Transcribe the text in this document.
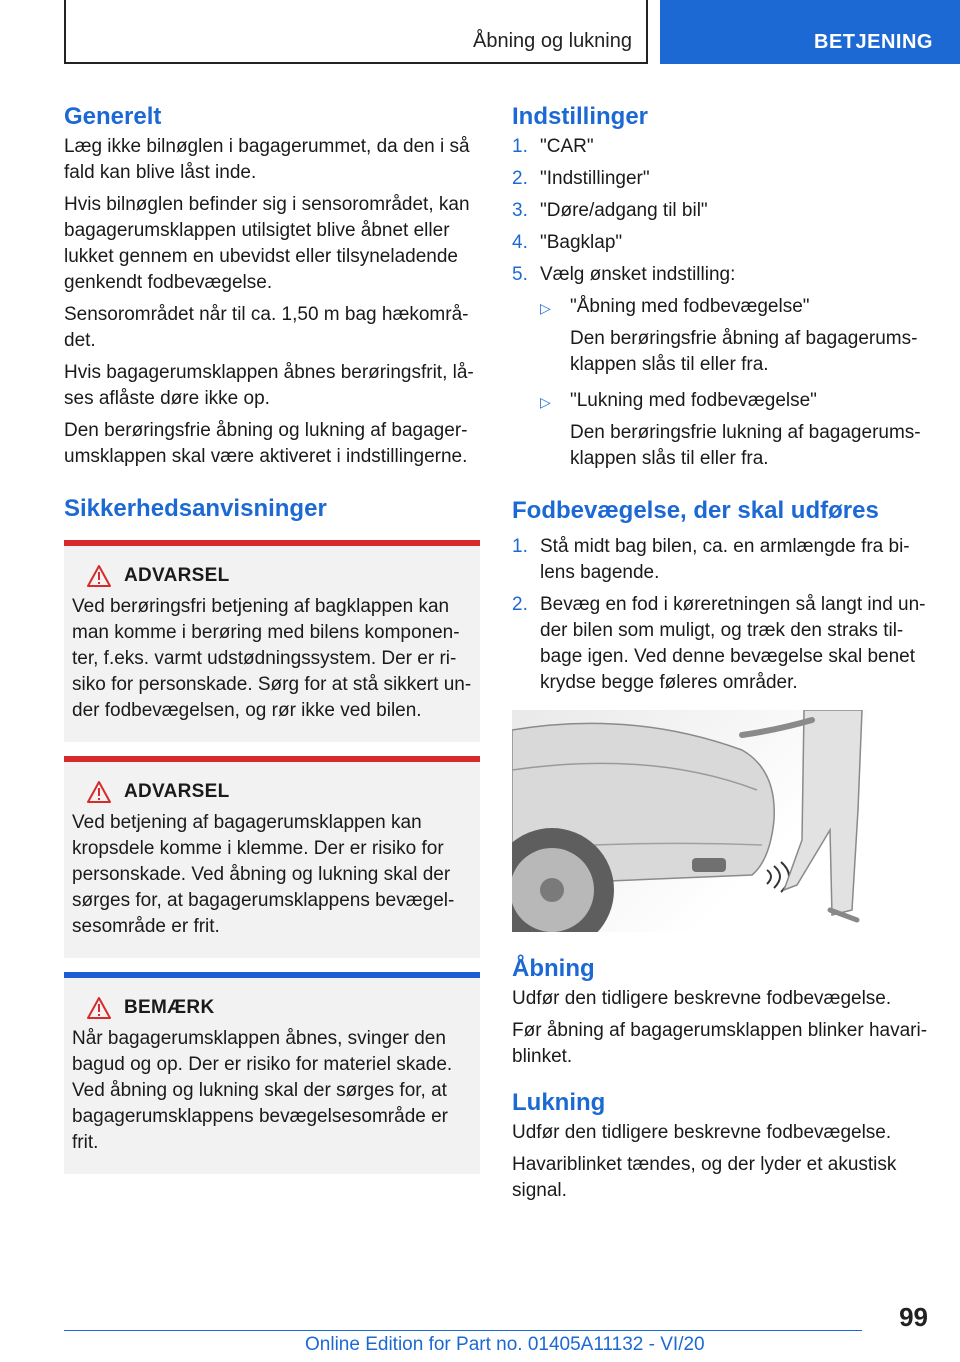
Åbning og lukning	BETJENING
Generelt

Læg ikke bilnøglen i bagagerummet, da den i så fald kan blive låst inde.

Hvis bilnøglen befinder sig i sensorområdet, kan bagagerumsklappen utilsigtet blive åbnet eller lukket gennem en ubevidst eller tilsyneladende genkendt fodbevægelse.

Sensorområdet når til ca. 1,50 m bag hækområ-det.

Hvis bagagerumsklappen åbnes berøringsfrit, lå-ses aflåste døre ikke op.

Den berøringsfrie åbning og lukning af bagager-umsklappen skal være aktiveret i indstillingerne.

Sikkerhedsanvisninger
ADVARSEL

Ved berøringsfri betjening af bagklappen kan man komme i berøring med bilens komponen-ter, f.eks. varmt udstødningssystem. Der er ri-siko for personskade. Sørg for at stå sikkert un-der fodbevægelsen, og rør ikke ved bilen.

ADVARSEL

Ved betjening af bagagerumsklappen kan kropsdele komme i klemme. Der er risiko for personskade. Ved åbning og lukning skal der sørges for, at bagagerumsklappens bevægel-sesområde er frit.

BEMÆRK

Når bagagerumsklappen åbnes, svinger den bagud og op. Der er risiko for materiel skade. Ved åbning og lukning skal der sørges for, at bagagerumsklappens bevægelsesområde er frit.

Indstillinger
1. "CAR"
2. "Indstillinger"
3. "Døre/adgang til bil"
4. "Bagklap"
5. Vælg ønsket indstilling:
▷	"Åbning med fodbevægelse"
Den berøringsfrie åbning af bagagerums-klappen slås til eller fra.
▷	"Lukning med fodbevægelse"
Den berøringsfrie lukning af bagagerums-klappen slås til eller fra.
Fodbevægelse, der skal udføres
1. Stå midt bag bilen, ca. en armlængde fra bi-lens bagende.
2. Bevæg en fod i køreretningen så langt ind un-der bilen som muligt, og træk den straks til-bage igen. Ved denne bevægelse skal benet krydse begge føleres områder.
Åbning

Udfør den tidligere beskrevne fodbevægelse.

Før åbning af bagagerumsklappen blinker havari-blinket.

Lukning

Udfør den tidligere beskrevne fodbevægelse.

Havariblinket tændes, og der lyder et akustisk signal.

99
Online Edition for Part no. 01405A11132 - VI/20
